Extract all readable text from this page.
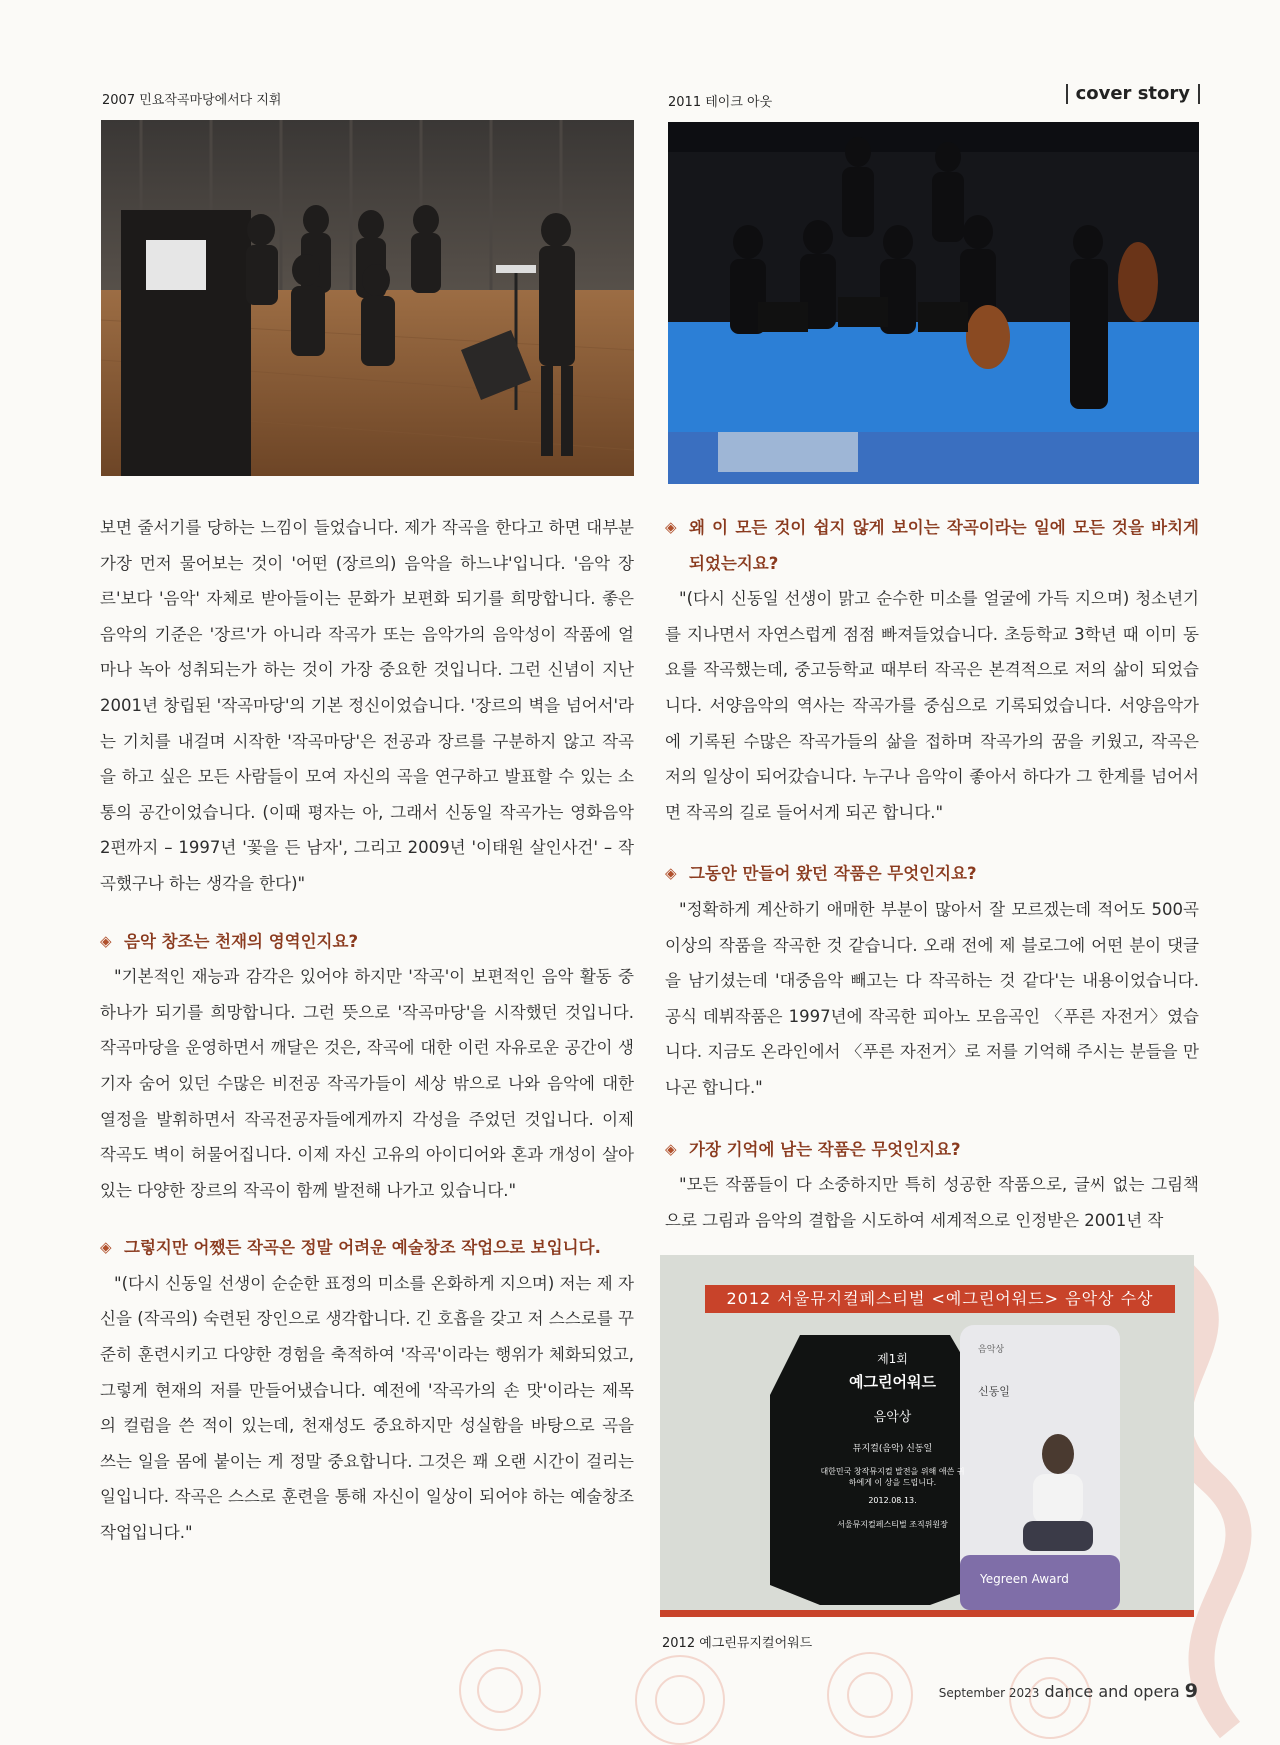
2007 민요작곡마당에서다 지휘	2011 테이크 아웃	cover story

보면 줄서기를 당하는 느낌이 들었습니다. 제가 작곡을 한다고 하면 대부분 가장 먼저 물어보는 것이 '어떤 (장르의) 음악을 하느냐'입니다. '음악 장르'보다 '음악' 자체로 받아들이는 문화가 보편화 되기를 희망합니다. 좋은 음악의 기준은 '장르'가 아니라 작곡가 또는 음악가의 음악성이 작품에 얼마나 녹아 성취되는가 하는 것이 가장 중요한 것입니다. 그런 신념이 지난 2001년 창립된 '작곡마당'의 기본 정신이었습니다. '장르의 벽을 넘어서'라는 기치를 내걸며 시작한 '작곡마당'은 전공과 장르를 구분하지 않고 작곡을 하고 싶은 모든 사람들이 모여 자신의 곡을 연구하고 발표할 수 있는 소통의 공간이었습니다. (이때 평자는 아, 그래서 신동일 작곡가는 영화음악 2편까지 – 1997년 '꽃을 든 남자', 그리고 2009년 '이태원 살인사건' – 작곡했구나 하는 생각을 한다)"

◈ 음악 창조는 천재의 영역인지요?

"기본적인 재능과 감각은 있어야 하지만 '작곡'이 보편적인 음악 활동 중 하나가 되기를 희망합니다. 그런 뜻으로 '작곡마당'을 시작했던 것입니다. 작곡마당을 운영하면서 깨달은 것은, 작곡에 대한 이런 자유로운 공간이 생기자 숨어 있던 수많은 비전공 작곡가들이 세상 밖으로 나와 음악에 대한 열정을 발휘하면서 작곡전공자들에게까지 각성을 주었던 것입니다. 이제 작곡도 벽이 허물어집니다. 이제 자신 고유의 아이디어와 혼과 개성이 살아 있는 다양한 장르의 작곡이 함께 발전해 나가고 있습니다."

◈ 그렇지만 어쨌든 작곡은 정말 어려운 예술창조 작업으로 보입니다.

"(다시 신동일 선생이 순순한 표정의 미소를 온화하게 지으며) 저는 제 자신을 (작곡의) 숙련된 장인으로 생각합니다. 긴 호흡을 갖고 저 스스로를 꾸준히 훈련시키고 다양한 경험을 축적하여 '작곡'이라는 행위가 체화되었고, 그렇게 현재의 저를 만들어냈습니다. 예전에 '작곡가의 손 맛'이라는 제목의 컬럼을 쓴 적이 있는데, 천재성도 중요하지만 성실함을 바탕으로 곡을 쓰는 일을 몸에 붙이는 게 정말 중요합니다. 그것은 꽤 오랜 시간이 걸리는 일입니다. 작곡은 스스로 훈련을 통해 자신이 일상이 되어야 하는 예술창조 작업입니다."

◈ 왜 이 모든 것이 쉽지 않게 보이는 작곡이라는 일에 모든 것을 바치게 되었는지요?

"(다시 신동일 선생이 맑고 순수한 미소를 얼굴에 가득 지으며) 청소년기를 지나면서 자연스럽게 점점 빠져들었습니다. 초등학교 3학년 때 이미 동요를 작곡했는데, 중고등학교 때부터 작곡은 본격적으로 저의 삶이 되었습니다. 서양음악의 역사는 작곡가를 중심으로 기록되었습니다. 서양음악가에 기록된 수많은 작곡가들의 삶을 접하며 작곡가의 꿈을 키웠고, 작곡은 저의 일상이 되어갔습니다. 누구나 음악이 좋아서 하다가 그 한계를 넘어서면 작곡의 길로 들어서게 되곤 합니다."

◈ 그동안 만들어 왔던 작품은 무엇인지요?

"정확하게 계산하기 애매한 부분이 많아서 잘 모르겠는데 적어도 500곡 이상의 작품을 작곡한 것 같습니다. 오래 전에 제 블로그에 어떤 분이 댓글을 남기셨는데 '대중음악 빼고는 다 작곡하는 것 같다'는 내용이었습니다. 공식 데뷔작품은 1997년에 작곡한 피아노 모음곡인 〈푸른 자전거〉였습니다. 지금도 온라인에서 〈푸른 자전거〉로 저를 기억해 주시는 분들을 만나곤 합니다."

◈ 가장 기억에 남는 작품은 무엇인지요?

"모든 작품들이 다 소중하지만 특히 성공한 작품으로, 글씨 없는 그림책으로 그림과 음악의 결합을 시도하여 세계적으로 인정받은 2001년 작

제1회
예그린어워드
음악상
뮤지컬(음악) 신동일
대한민국 창작뮤지컬 발전을 위해 애쓴 귀하에게 이 상을 드립니다.
2012.08.13.
서울뮤지컬페스티벌 조직위원장
음악상
신동일
Yegreen Award
2012 서울뮤지컬페스티벌 <예그린어워드> 음악상 수상
2012 예그린뮤지컬어워드
September 2023 dance and opera 9
